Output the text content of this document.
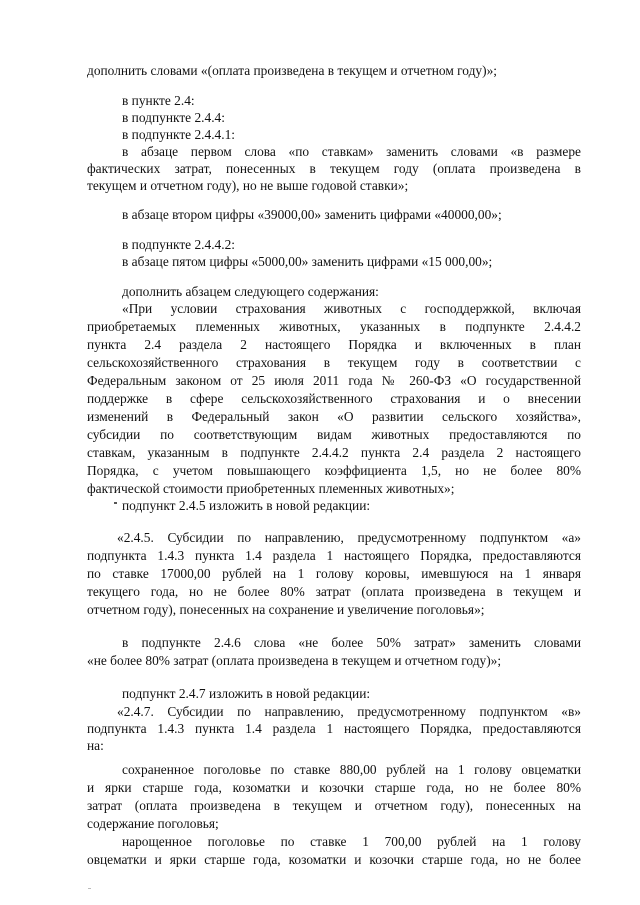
дополнить словами «(оплата произведена в текущем и отчетном году)»;
в пункте 2.4:
в подпункте 2.4.4:
в подпункте 2.4.4.1:
в абзаце первом слова «по ставкам» заменить словами «в размере
фактических затрат, понесенных в текущем году (оплата произведена в
текущем и отчетном году), но не выше годовой ставки»;
в абзаце втором цифры «39000,00» заменить цифрами «40000,00»;
в подпункте 2.4.4.2:
в абзаце пятом цифры «5000,00» заменить цифрами «15 000,00»;
дополнить абзацем следующего содержания:
«При условии страхования животных с господдержкой, включая
приобретаемых племенных животных, указанных в подпункте 2.4.4.2
пункта 2.4 раздела 2 настоящего Порядка и включенных в план
сельскохозяйственного страхования в текущем году в соответствии с
Федеральным законом от 25 июля 2011 года № 260-ФЗ «О государственной
поддержке в сфере сельскохозяйственного страхования и о внесении
изменений в Федеральный закон «О развитии сельского хозяйства»,
субсидии по соответствующим видам животных предоставляются по
ставкам, указанным в подпункте 2.4.4.2 пункта 2.4 раздела 2 настоящего
Порядка, с учетом повышающего коэффициента 1,5, но не более 80%
фактической стоимости приобретенных племенных животных»;
подпункт 2.4.5 изложить в новой редакции:
«2.4.5. Субсидии по направлению, предусмотренному подпунктом «а»
подпункта 1.4.3 пункта 1.4 раздела 1 настоящего Порядка, предоставляются
по ставке 17000,00 рублей на 1 голову коровы, имевшуюся на 1 января
текущего года, но не более 80% затрат (оплата произведена в текущем и
отчетном году), понесенных на сохранение и увеличение поголовья»;
в подпункте 2.4.6 слова «не более 50% затрат» заменить словами
«не более 80% затрат (оплата произведена в текущем и отчетном году)»;
подпункт 2.4.7 изложить в новой редакции:
«2.4.7. Субсидии по направлению, предусмотренному подпунктом «в»
подпункта 1.4.3 пункта 1.4 раздела 1 настоящего Порядка, предоставляются
на:
сохраненное поголовье по ставке 880,00 рублей на 1 голову овцематки
и ярки старше года, козоматки и козочки старше года, но не более 80%
затрат (оплата произведена в текущем и отчетном году), понесенных на
содержание поголовья;
нарощенное поголовье по ставке 1 700,00 рублей на 1 голову
овцематки и ярки старше года, козоматки и козочки старше года, но не более
